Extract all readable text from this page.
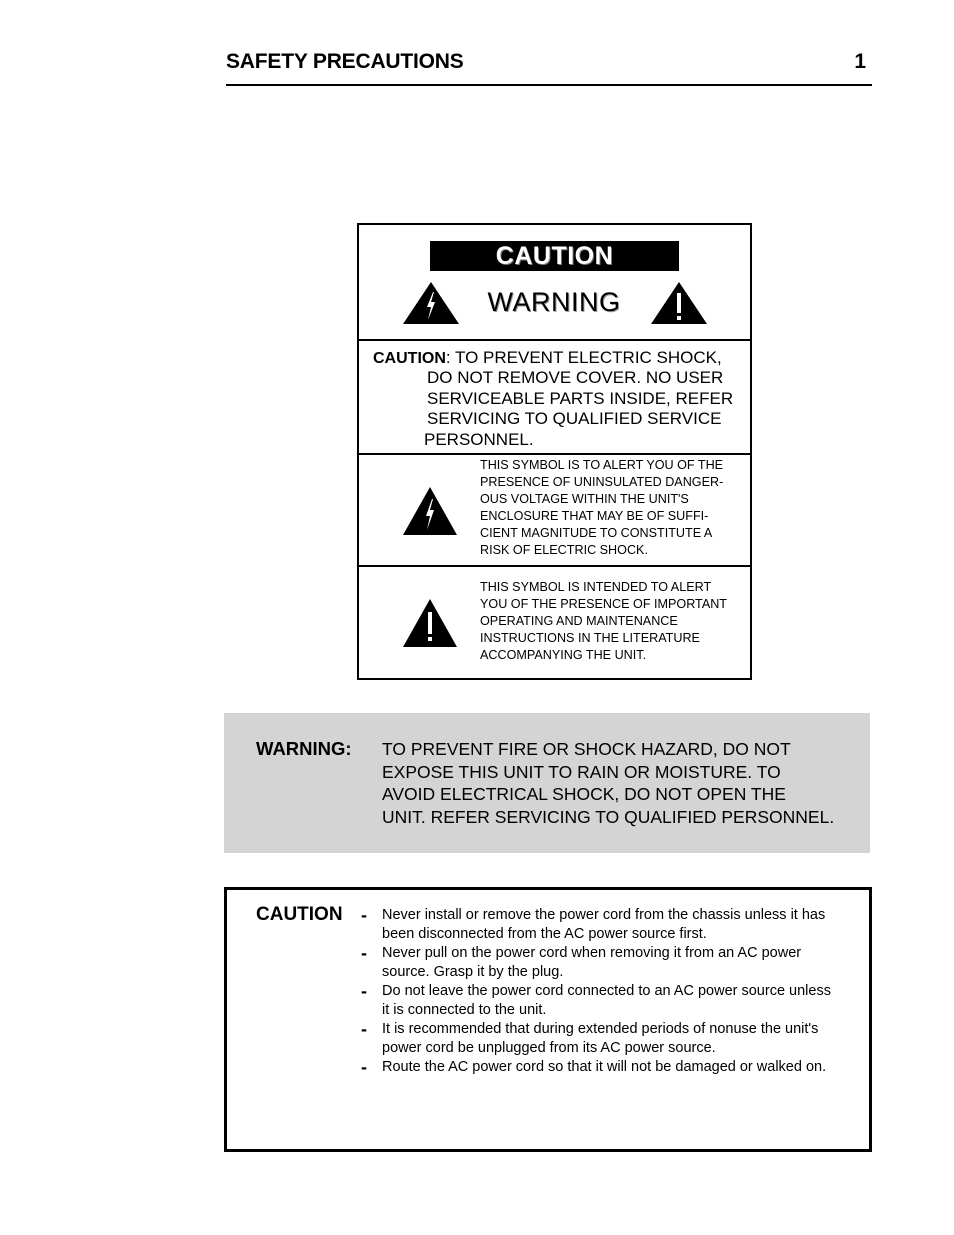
SAFETY PRECAUTIONS	1
CAUTION
WARNING
CAUTION: TO PREVENT ELECTRIC SHOCK,
DO NOT REMOVE COVER. NO USER
SERVICEABLE PARTS INSIDE, REFER
SERVICING TO QUALIFIED SERVICE
PERSONNEL.
THIS SYMBOL IS TO ALERT YOU OF THE
PRESENCE OF UNINSULATED DANGER-
OUS VOLTAGE WITHIN THE UNIT'S
ENCLOSURE THAT MAY BE OF SUFFI-
CIENT MAGNITUDE TO CONSTITUTE A
RISK OF ELECTRIC SHOCK.
THIS SYMBOL IS INTENDED TO ALERT
YOU OF THE PRESENCE OF IMPORTANT
OPERATING AND MAINTENANCE
INSTRUCTIONS IN THE LITERATURE
ACCOMPANYING THE UNIT.
WARNING: TO PREVENT FIRE OR SHOCK HAZARD, DO NOT
EXPOSE THIS UNIT TO RAIN OR MOISTURE. TO
AVOID ELECTRICAL SHOCK, DO NOT OPEN THE
UNIT. REFER SERVICING TO QUALIFIED PERSONNEL.
CAUTION - Never install or remove the power cord from the chassis unless it has been disconnected from the AC power source first.
- Never pull on the power cord when removing it from an AC power source. Grasp it by the plug.
- Do not leave the power cord connected to an AC power source unless it is connected to the unit.
- It is recommended that during extended periods of nonuse the unit's power cord be unplugged from its AC power source.
- Route the AC power cord so that it will not be damaged or walked on.
